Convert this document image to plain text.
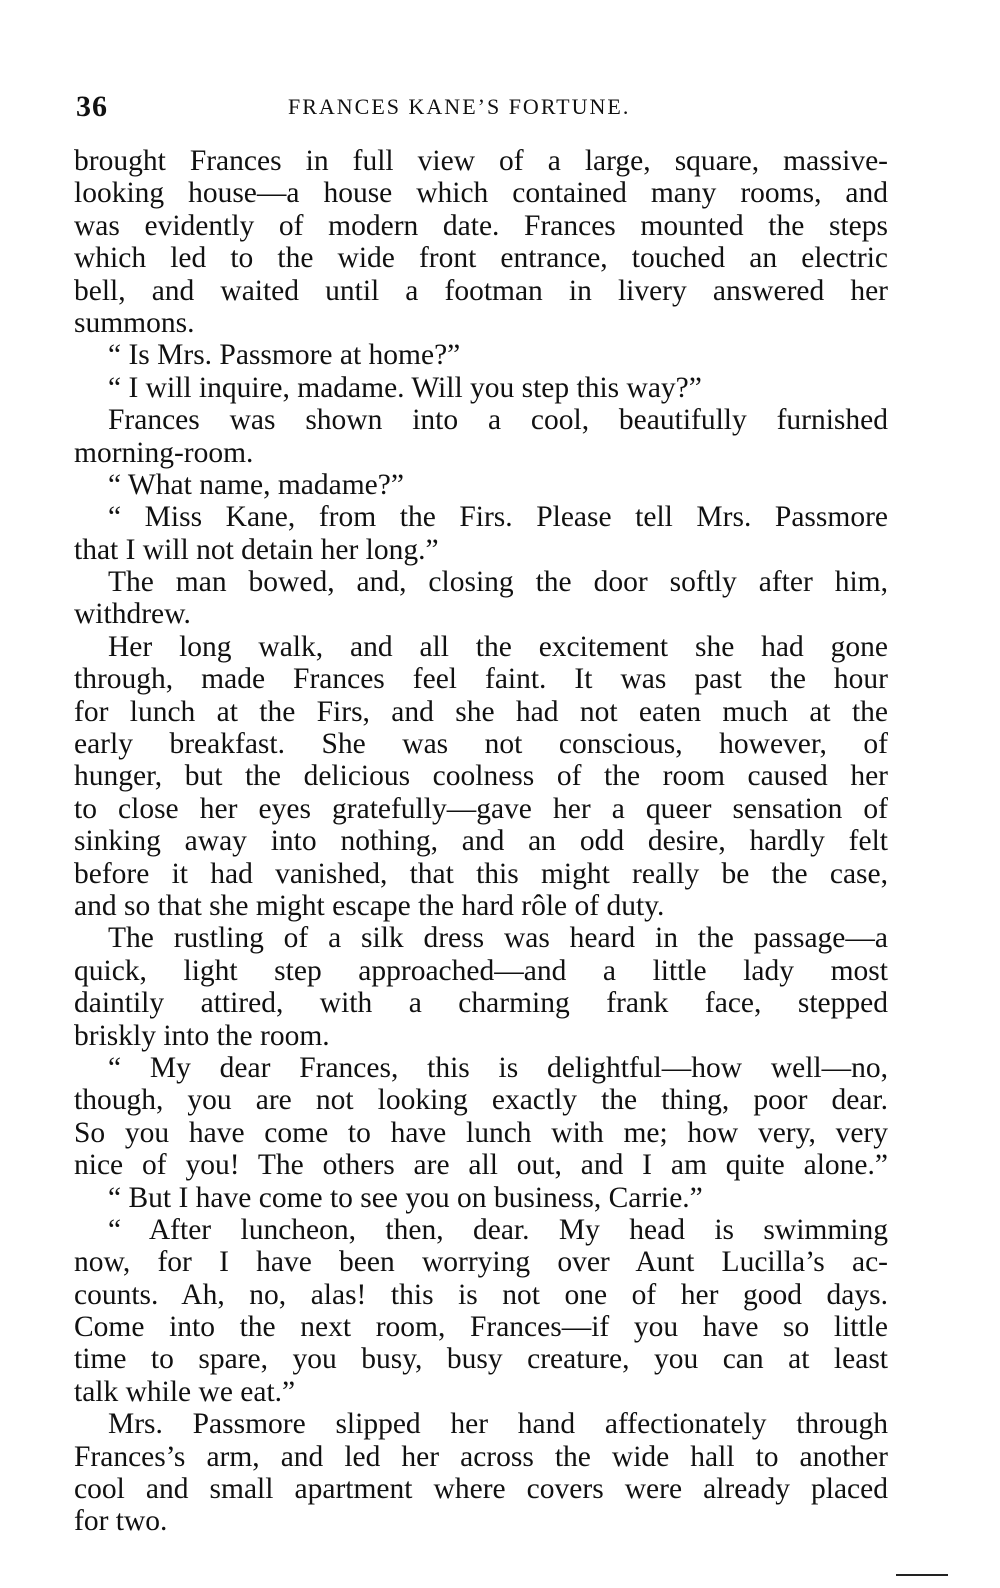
36	FRANCES KANE’S FORTUNE.
brought Frances in full view of a large, square, massive-
looking house—a house which contained many rooms, and
was evidently of modern date. Frances mounted the steps
which led to the wide front entrance, touched an electric
bell, and waited until a footman in livery answered her
summons.
“ Is Mrs. Passmore at home?”
“ I will inquire, madame. Will you step this way?”
Frances was shown into a cool, beautifully furnished
morning-room.
“ What name, madame?”
“ Miss Kane, from the Firs. Please tell Mrs. Passmore
that I will not detain her long.”
The man bowed, and, closing the door softly after him,
withdrew.
Her long walk, and all the excitement she had gone
through, made Frances feel faint. It was past the hour
for lunch at the Firs, and she had not eaten much at the
early breakfast. She was not conscious, however, of
hunger, but the delicious coolness of the room caused her
to close her eyes gratefully—gave her a queer sensation of
sinking away into nothing, and an odd desire, hardly felt
before it had vanished, that this might really be the case,
and so that she might escape the hard rôle of duty.
The rustling of a silk dress was heard in the passage—a
quick, light step approached—and a little lady most
daintily attired, with a charming frank face, stepped
briskly into the room.
“ My dear Frances, this is delightful—how well—no,
though, you are not looking exactly the thing, poor dear.
So you have come to have lunch with me; how very, very
nice of you! The others are all out, and I am quite alone.”
“ But I have come to see you on business, Carrie.”
“ After luncheon, then, dear. My head is swimming
now, for I have been worrying over Aunt Lucilla’s ac-
counts. Ah, no, alas! this is not one of her good days.
Come into the next room, Frances—if you have so little
time to spare, you busy, busy creature, you can at least
talk while we eat.”
Mrs. Passmore slipped her hand affectionately through
Frances’s arm, and led her across the wide hall to another
cool and small apartment where covers were already placed
for two.
